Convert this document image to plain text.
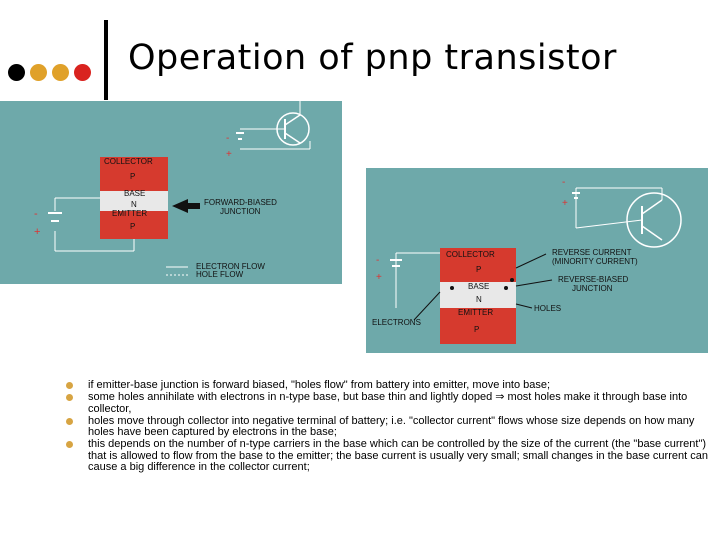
Operation of pnp transistor
-
+
COLLECTOR
P
BASE
N
EMITTER
P
FORWARD-BIASED
JUNCTION
-
+
ELECTRON FLOW
HOLE FLOW
-
+
COLLECTOR
P
BASE
N
EMITTER
P
-
+
REVERSE CURRENT
(MINORITY CURRENT)
REVERSE-BIASED
JUNCTION
HOLES
ELECTRONS
if emitter-base junction is forward biased, "holes flow" from battery into emitter, move into base;
some holes annihilate with electrons in n-type base, but base thin and lightly doped ⇒ most holes make it through base into collector,
holes move through collector into negative terminal of battery; i.e. "collector current" flows whose size depends on how many holes have been captured by electrons in the base;
this depends on the number of n-type carriers in the base which can be controlled by the size of the current (the "base current") that is allowed to flow from the base to the emitter; the base current is usually very small; small changes in the base current can cause a big difference in the collector current;
